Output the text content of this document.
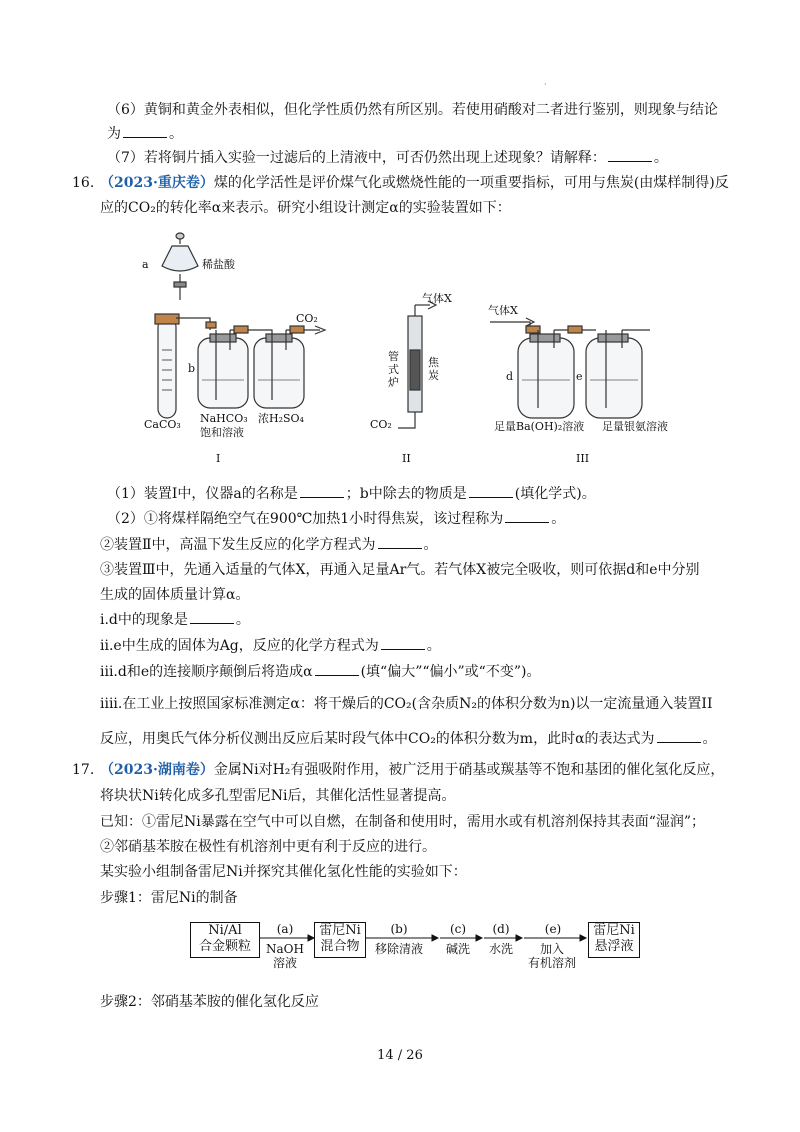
·
（6）黄铜和黄金外表相似，但化学性质仍然有所区别。若使用硝酸对二者进行鉴别，则现象与结论
为	。
（7）若将铜片插入实验一过滤后的上清液中，可否仍然出现上述现象？请解释：	。
16. （2023·重庆卷）煤的化学活性是评价煤气化或燃烧性能的一项重要指标，可用与焦炭(由煤样制得)反
应的CO₂的转化率α来表示。研究小组设计测定α的实验装置如下：
a	稀盐酸
b
CaCO₃ NaHCO₃
饱和溶液
浓H₂SO₄
CO₂
I
气体X
管式炉
焦炭
CO₂
II
气体X
d	e
足量Ba(OH)₂溶液 足量银氨溶液
III
（1）装置Ⅰ中，仪器a的名称是	；b中除去的物质是	(填化学式)。
（2）①将煤样隔绝空气在900℃加热1小时得焦炭，该过程称为	。
②装置Ⅱ中，高温下发生反应的化学方程式为	。
③装置Ⅲ中，先通入适量的气体X，再通入足量Ar气。若气体X被完全吸收，则可依据d和e中分别
生成的固体质量计算α。
i.d中的现象是	。
ii.e中生成的固体为Ag，反应的化学方程式为	。
iii.d和e的连接顺序颠倒后将造成α	(填“偏大”“偏小”或“不变”)。
iiii.在工业上按照国家标准测定α：将干燥后的CO₂(含杂质N₂的体积分数为n)以一定流量通入装置II
反应，用奥氏气体分析仪测出反应后某时段气体中CO₂的体积分数为m，此时α的表达式为	。
17. （2023·湖南卷）金属Ni对H₂有强吸附作用，被广泛用于硝基或羰基等不饱和基团的催化氢化反应，
将块状Ni转化成多孔型雷尼Ni后，其催化活性显著提高。
已知：①雷尼Ni暴露在空气中可以自燃，在制备和使用时，需用水或有机溶剂保持其表面“湿润”；
②邻硝基苯胺在极性有机溶剂中更有利于反应的进行。
某实验小组制备雷尼Ni并探究其催化氢化性能的实验如下：
步骤1：雷尼Ni的制备
Ni/Al
合金颗粒
(a)
NaOH
溶液
雷尼Ni
混合物
(b)
移除清液
(c)
碱洗
(d)
水洗
(e)
加入
有机溶剂
雷尼Ni
悬浮液
步骤2：邻硝基苯胺的催化氢化反应
14 / 26
